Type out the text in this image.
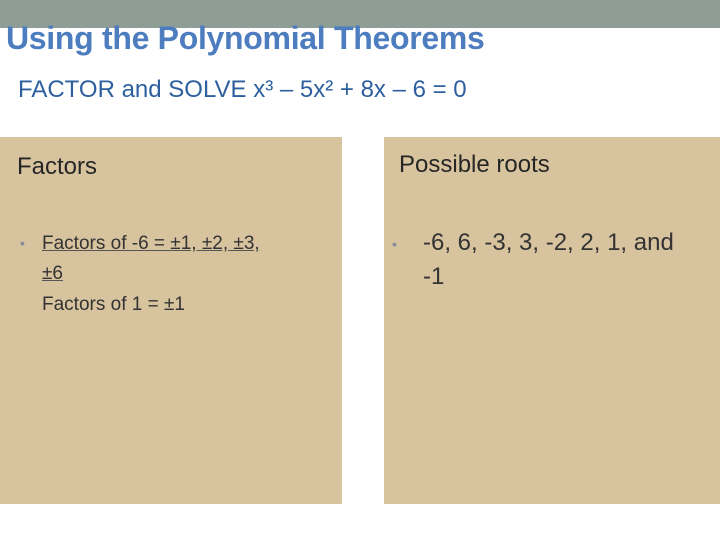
Using the Polynomial Theorems
FACTOR and SOLVE x³ – 5x² + 8x – 6 = 0
Factors
• Factors of -6 = ±1, ±2, ±3,
±6
Factors of 1 = ±1
Possible roots
• -6, 6, -3, 3, -2, 2, 1, and
-1
